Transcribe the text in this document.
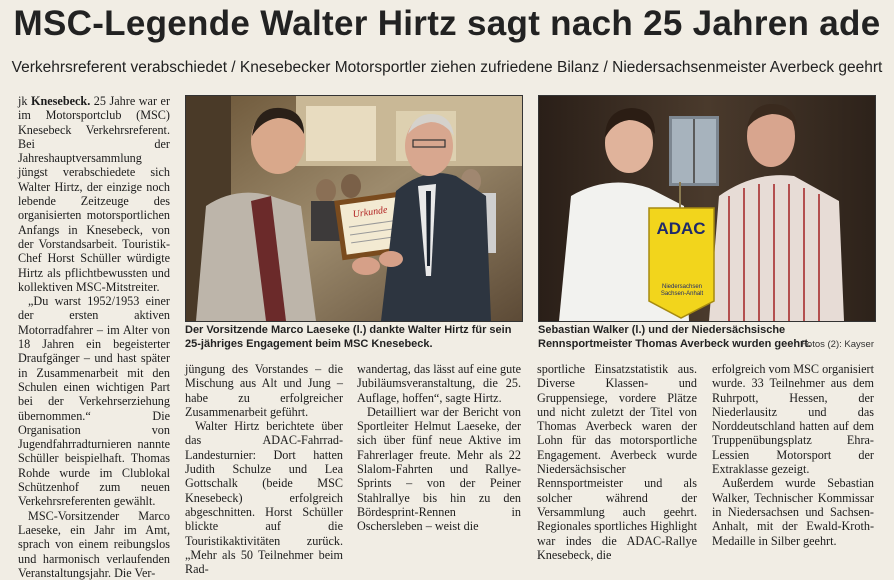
MSC-Legende Walter Hirtz sagt nach 25 Jahren ade
Verkehrsreferent verabschiedet / Knesebecker Motorsportler ziehen zufriedene Bilanz / Niedersachsenmeister Averbeck geehrt
Urkunde
Der Vorsitzende Marco Laeseke (l.) dankte Walter Hirtz für sein 25-jähriges Engagement beim MSC Knesebeck.
ADAC
Niedersachsen Sachsen-Anhalt
Sebastian Walker (l.) und der Niedersächsische Rennsportmeister Thomas Averbeck wurden geehrt.
Fotos (2): Kayser

jk Knesebeck. 25 Jahre war er im Motorsportclub (MSC) Knesebeck Verkehrsreferent. Bei der Jahreshauptversammlung jüngst verabschiedete sich Walter Hirtz, der einzige noch lebende Zeitzeuge des organisierten motorsportlichen Anfangs in Knesebeck, von der Vorstandsarbeit. Touristik-Chef Horst Schüller würdigte Hirtz als pflichtbewussten und kollektiven MSC-Mitstreiter.

„Du warst 1952/1953 einer der ersten aktiven Motorradfahrer – im Alter von 18 Jahren ein begeisterter Draufgänger – und hast später in Zusammenarbeit mit den Schulen einen wichtigen Part bei der Verkehrserziehung übernommen.“ Die Organisation von Jugendfahrradturnieren nannte Schüller beispielhaft. Thomas Rohde wurde im Clublokal Schützenhof zum neuen Verkehrsreferenten gewählt.

MSC-Vorsitzender Marco Laeseke, ein Jahr im Amt, sprach von einem reibungslos und harmonisch verlaufenden Veranstaltungsjahr. Die Ver-

jüngung des Vorstandes – die Mischung aus Alt und Jung – habe zu erfolgreicher Zusammenarbeit geführt.

Walter Hirtz berichtete über das ADAC-Fahrrad-Landesturnier: Dort hatten Judith Schulze und Lea Gottschalk (beide MSC Knesebeck) erfolgreich abgeschnitten. Horst Schüller blickte auf die Touristikaktivitäten zurück. „Mehr als 50 Teilnehmer beim Rad-

wandertag, das lässt auf eine gute Jubiläumsveranstaltung, die 25. Auflage, hoffen“, sagte Hirtz.

Detailliert war der Bericht von Sportleiter Helmut Laeseke, der sich über fünf neue Aktive im Fahrerlager freute. Mehr als 22 Slalom-Fahrten und Rallye-Sprints – von der Peiner Stahlrallye bis hin zu den Bördesprint-Rennen in Oschersleben – weist die

sportliche Einsatzstatistik aus. Diverse Klassen- und Gruppensiege, vordere Plätze und nicht zuletzt der Titel von Thomas Averbeck waren der Lohn für das motorsportliche Engagement. Averbeck wurde Niedersächsischer Rennsportmeister und als solcher während der Versammlung auch geehrt. Regionales sportliches Highlight war indes die ADAC-Rallye Knesebeck, die

erfolgreich vom MSC organisiert wurde. 33 Teilnehmer aus dem Ruhrpott, Hessen, der Niederlausitz und das Norddeutschland hatten auf dem Truppenübungsplatz Ehra-Lessien Motorsport der Extraklasse gezeigt.

Außerdem wurde Sebastian Walker, Technischer Kommissar in Niedersachsen und Sachsen-Anhalt, mit der Ewald-Kroth-Medaille in Silber geehrt.
